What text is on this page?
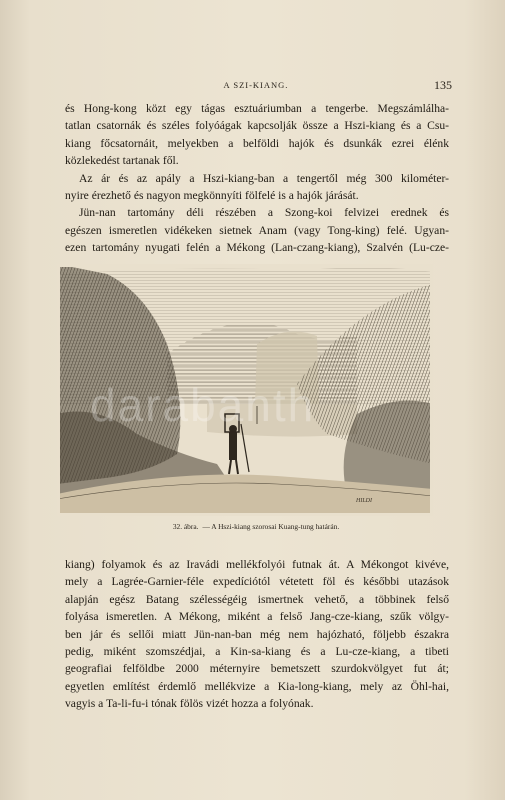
A SZI-KIANG.	135

és Hong-kong közt egy tágas esztuáriumban a tengerbe. Megszámlálha-
tatlan csatornák és széles folyóágak kapcsolják össze a Hszi-kiang és a Csu-
kiang főcsatornáit, melyekben a belföldi hajók és dsunkák ezrei élénk
közlekedést tartanak fől.

Az ár és az apály a Hszi-kiang-ban a tengertől még 300 kilométer-
nyire érezhető és nagyon megkönnyíti fölfelé is a hajók járását.

Jün-nan tartomány déli részében a Szong-koi felvizei erednek és
egészen ismeretlen vidékeken sietnek Anam (vagy Tong-king) felé. Ugyan-
ezen tartomány nyugati felén a Mékong (Lan-czang-kiang), Szalvén (Lu-cze-

darabanth
HILDI
32. ábra. — A Hszi-kiang szorosai Kuang-tung határán.

kiang) folyamok és az Iravádi mellékfolyói futnak át. A Mékongot kivéve,
mely a Lagrée-Garnier-féle expedíciótól vétetett föl és későbbi utazások
alapján egész Batang szélességéig ismertnek vehető, a többinek felső
folyása ismeretlen. A Mékong, miként a felső Jang-cze-kiang, szűk völgy-
ben jár és sellői miatt Jün-nan-ban még nem hajózható, följebb északra
pedig, miként szomszédjai, a Kin-sa-kiang és a Lu-cze-kiang, a tibeti
geografiai felföldbe 2000 méternyire bemetszett szurdokvölgyet fut át;
egyetlen említést érdemlő mellékvize a Kia-long-kiang, mely az Öhl-hai,
vagyis a Ta-li-fu-i tónak fölös vizét hozza a folyónak.
